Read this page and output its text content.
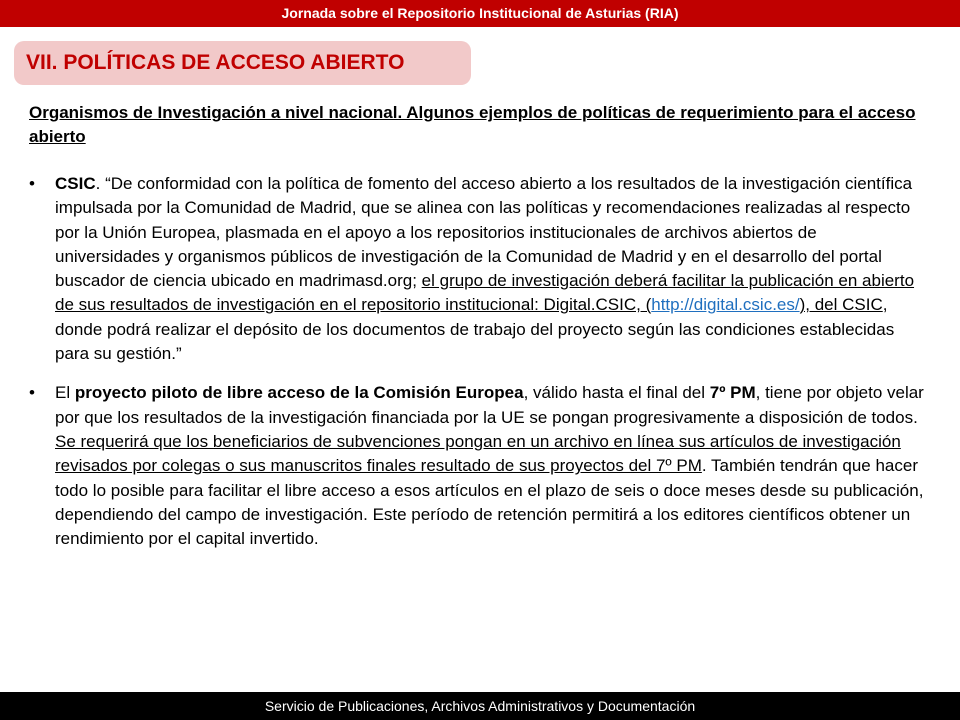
Jornada sobre el Repositorio Institucional de Asturias (RIA)
VII. POLÍTICAS DE ACCESO ABIERTO
Organismos de Investigación a nivel nacional. Algunos ejemplos de políticas de requerimiento para el acceso abierto
• CSIC. “De conformidad con la política de fomento del acceso abierto a los resultados de la investigación científica impulsada por la Comunidad de Madrid, que se alinea con las políticas y recomendaciones realizadas al respecto por la Unión Europea, plasmada en el apoyo a los repositorios institucionales de archivos abiertos de universidades y organismos públicos de investigación de la Comunidad de Madrid y en el desarrollo del portal buscador de ciencia ubicado en madrimasd.org; el grupo de investigación deberá facilitar la publicación en abierto de sus resultados de investigación en el repositorio institucional: Digital.CSIC, (http://digital.csic.es/), del CSIC, donde podrá realizar el depósito de los documentos de trabajo del proyecto según las condiciones establecidas para su gestión.”
• El proyecto piloto de libre acceso de la Comisión Europea, válido hasta el final del 7º PM, tiene por objeto velar por que los resultados de la investigación financiada por la UE se pongan progresivamente a disposición de todos. Se requerirá que los beneficiarios de subvenciones pongan en un archivo en línea sus artículos de investigación revisados por colegas o sus manuscritos finales resultado de sus proyectos del 7º PM. También tendrán que hacer todo lo posible para facilitar el libre acceso a esos artículos en el plazo de seis o doce meses desde su publicación, dependiendo del campo de investigación. Este período de retención permitirá a los editores científicos obtener un rendimiento por el capital invertido.
Servicio de Publicaciones, Archivos Administrativos y Documentación
